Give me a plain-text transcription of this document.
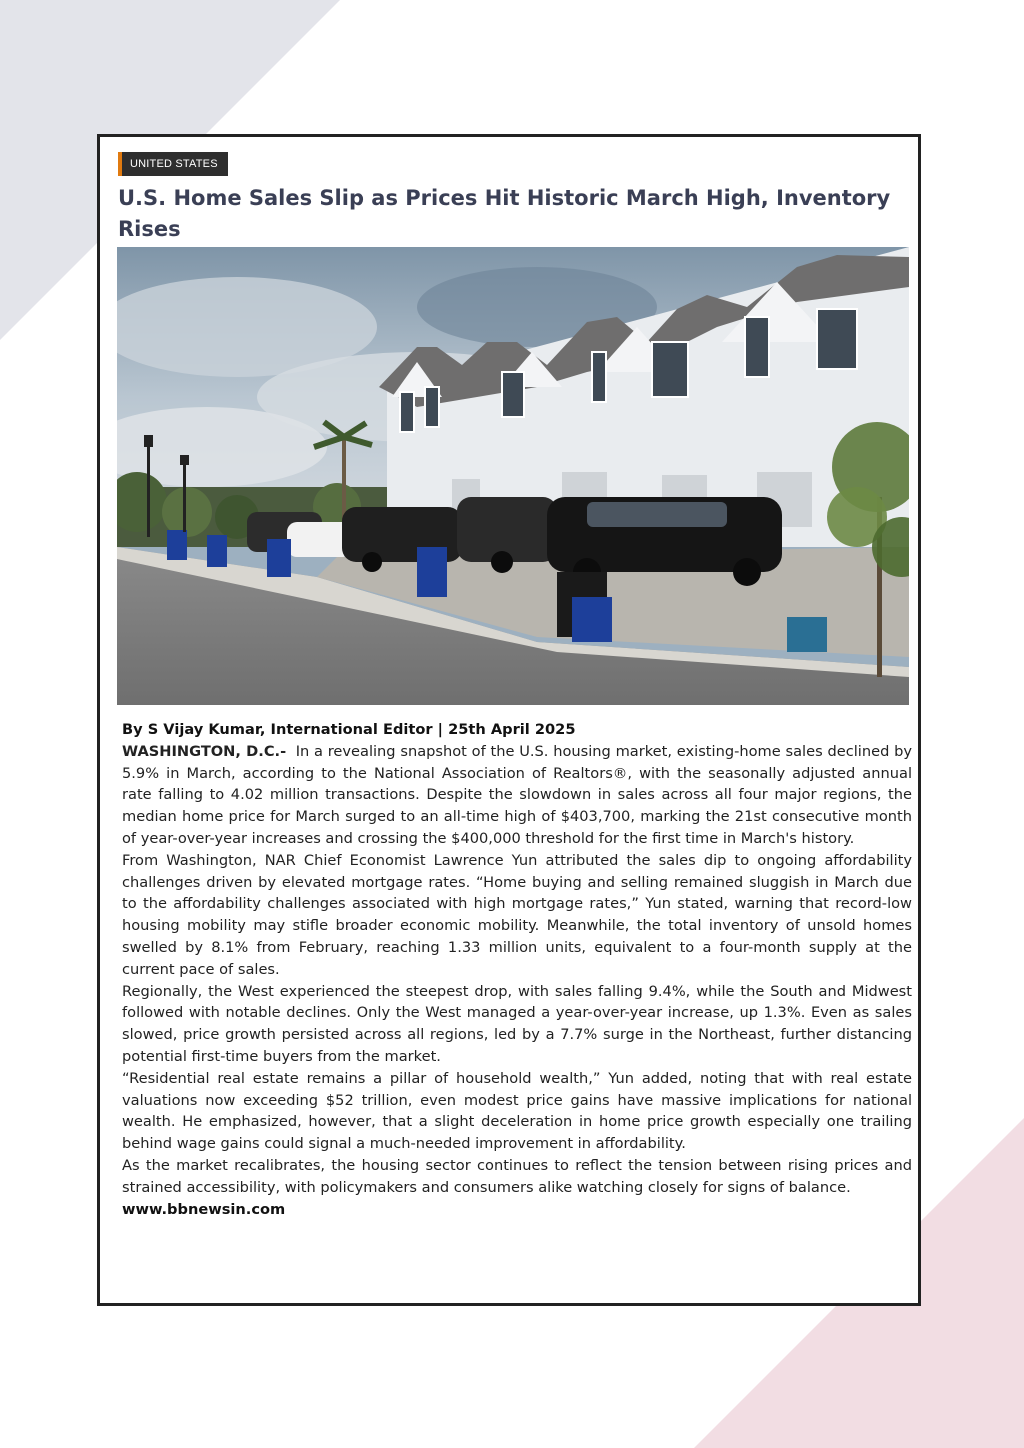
UNITED STATES
U.S. Home Sales Slip as Prices Hit Historic March High, Inventory Rises

By S Vijay Kumar, International Editor | 25th April 2025

WASHINGTON, D.C.- In a revealing snapshot of the U.S. housing market, existing-home sales declined by 5.9% in March, according to the National Association of Realtors®, with the seasonally adjusted annual rate falling to 4.02 million transactions. Despite the slowdown in sales across all four major regions, the median home price for March surged to an all-time high of $403,700, marking the 21st consecutive month of year-over-year increases and crossing the $400,000 threshold for the first time in March's history.

From Washington, NAR Chief Economist Lawrence Yun attributed the sales dip to ongoing affordability challenges driven by elevated mortgage rates. “Home buying and selling remained sluggish in March due to the affordability challenges associated with high mortgage rates,” Yun stated, warning that record-low housing mobility may stifle broader economic mobility. Meanwhile, the total inventory of unsold homes swelled by 8.1% from February, reaching 1.33 million units, equivalent to a four-month supply at the current pace of sales.

Regionally, the West experienced the steepest drop, with sales falling 9.4%, while the South and Midwest followed with notable declines. Only the West managed a year-over-year increase, up 1.3%. Even as sales slowed, price growth persisted across all regions, led by a 7.7% surge in the Northeast, further distancing potential first-time buyers from the market.

“Residential real estate remains a pillar of household wealth,” Yun added, noting that with real estate valuations now exceeding $52 trillion, even modest price gains have massive implications for national wealth. He emphasized, however, that a slight deceleration in home price growth especially one trailing behind wage gains could signal a much-needed improvement in affordability.

As the market recalibrates, the housing sector continues to reflect the tension between rising prices and strained accessibility, with policymakers and consumers alike watching closely for signs of balance.

www.bbnewsin.com
